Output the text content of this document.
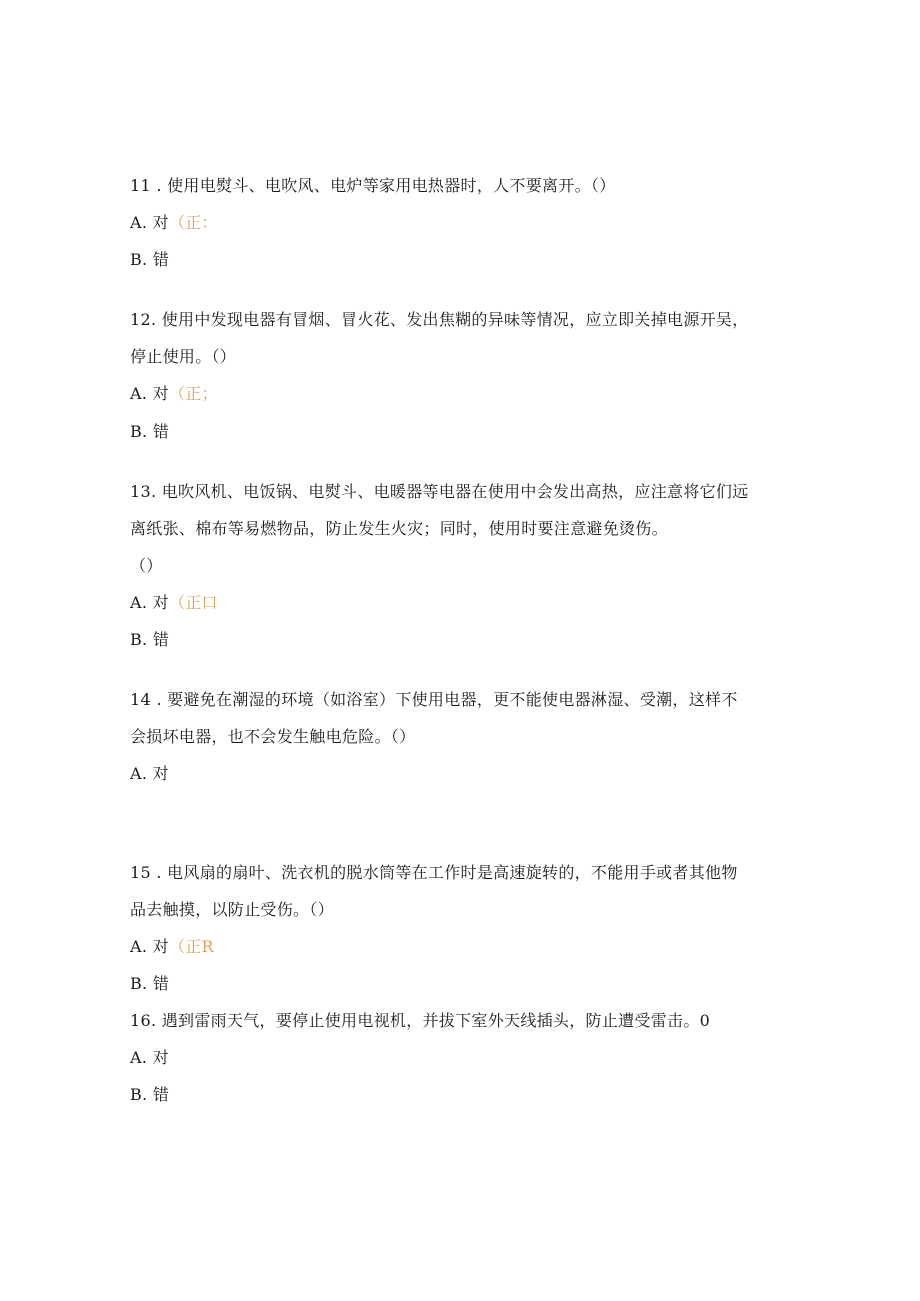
11 . 使用电熨斗、电吹风、电炉等家用电热器时，人不要离开。（）
A. 对（正：
B. 错
12. 使用中发现电器有冒烟、冒火花、发出焦糊的异味等情况，应立即关掉电源开吴，
停止使用。（）
A. 对（正；
B. 错
13. 电吹风机、电饭锅、电熨斗、电暖器等电器在使用中会发出高热，应注意将它们远
离纸张、棉布等易燃物品，防止发生火灾；同时，使用时要注意避免烫伤。
（）
A. 对（正口
B. 错
14 . 要避免在潮湿的环境（如浴室）下使用电器，更不能使电器淋湿、受潮，这样不
会损坏电器，也不会发生触电危险。（）
A. 对
15 . 电风扇的扇叶、洗衣机的脱水筒等在工作时是高速旋转的，不能用手或者其他物
品去触摸，以防止受伤。（）
A. 对（正R
B. 错
16. 遇到雷雨天气，要停止使用电视机，并拔下室外天线插头，防止遭受雷击。0
A. 对
B. 错
